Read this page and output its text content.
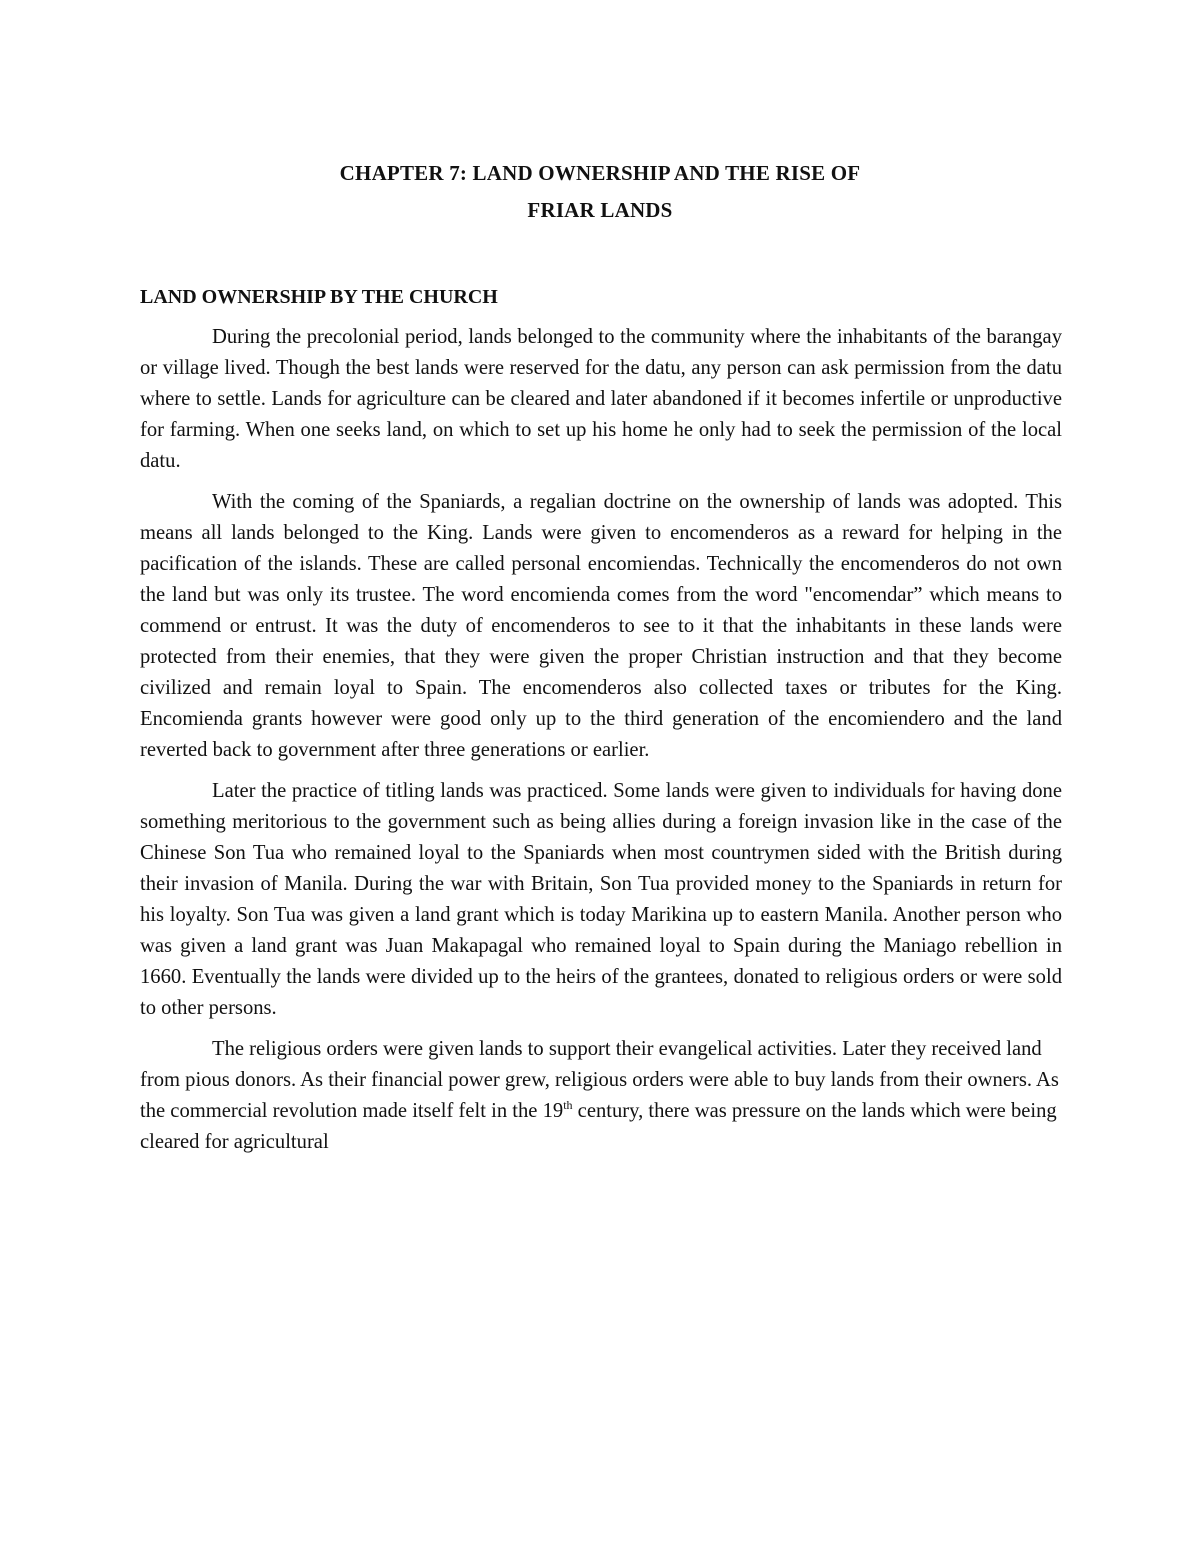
CHAPTER 7: LAND OWNERSHIP AND THE RISE OF
FRIAR LANDS
LAND OWNERSHIP BY THE CHURCH

During the precolonial period, lands belonged to the community where the inhabitants of the barangay or village lived. Though the best lands were reserved for the datu, any person can ask permission from the datu where to settle. Lands for agriculture can be cleared and later abandoned if it becomes infertile or unproductive for farming. When one seeks land, on which to set up his home he only had to seek the permission of the local datu.

With the coming of the Spaniards, a regalian doctrine on the ownership of lands was adopted. This means all lands belonged to the King. Lands were given to encomenderos as a reward for helping in the pacification of the islands. These are called personal encomiendas. Technically the encomenderos do not own the land but was only its trustee. The word encomienda comes from the word "encomendar” which means to commend or entrust. It was the duty of encomenderos to see to it that the inhabitants in these lands were protected from their enemies, that they were given the proper Christian instruction and that they become civilized and remain loyal to Spain. The encomenderos also collected taxes or tributes for the King. Encomienda grants however were good only up to the third generation of the encomiendero and the land reverted back to government after three generations or earlier.

Later the practice of titling lands was practiced. Some lands were given to individuals for having done something meritorious to the government such as being allies during a foreign invasion like in the case of the Chinese Son Tua who remained loyal to the Spaniards when most countrymen sided with the British during their invasion of Manila. During the war with Britain, Son Tua provided money to the Spaniards in return for his loyalty. Son Tua was given a land grant which is today Marikina up to eastern Manila. Another person who was given a land grant was Juan Makapagal who remained loyal to Spain during the Maniago rebellion in 1660. Eventually the lands were divided up to the heirs of the grantees, donated to religious orders or were sold to other persons.

The religious orders were given lands to support their evangelical activities. Later they received land from pious donors. As their financial power grew, religious orders were able to buy lands from their owners. As the commercial revolution made itself felt in the 19th century, there was pressure on the lands which were being cleared for agricultural
